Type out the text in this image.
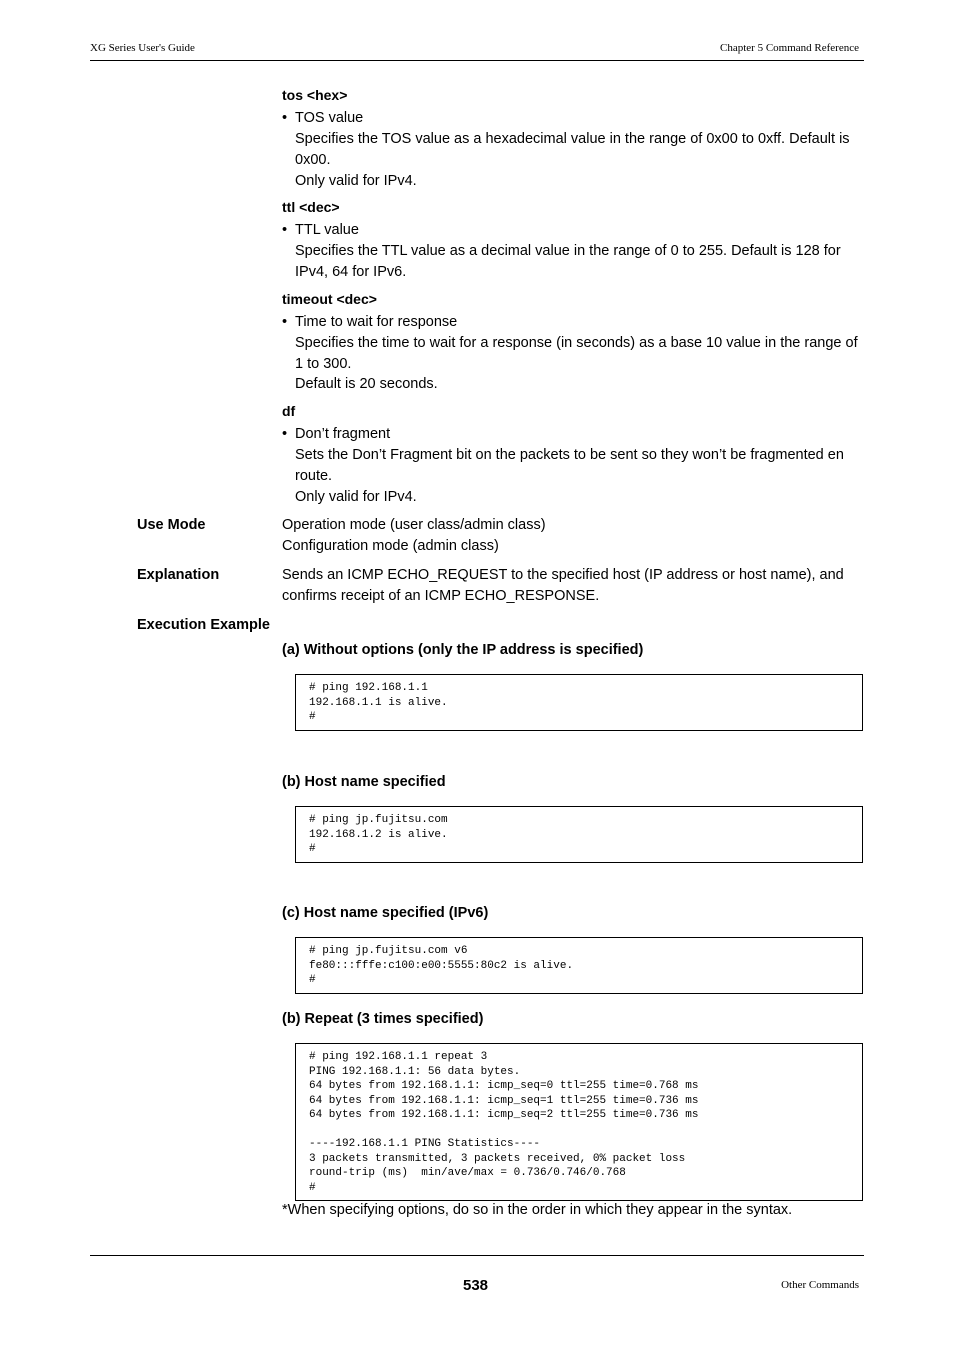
XG Series User's Guide	Chapter 5 Command Reference
tos <hex>
• TOS value
Specifies the TOS value as a hexadecimal value in the range of 0x00 to 0xff. Default is 0x00.
Only valid for IPv4.
ttl <dec>
• TTL value
Specifies the TTL value as a decimal value in the range of 0 to 255. Default is 128 for IPv4, 64 for IPv6.
timeout <dec>
• Time to wait for response
Specifies the time to wait for a response (in seconds) as a base 10 value in the range of 1 to 300.
Default is 20 seconds.
df
• Don’t fragment
Sets the Don’t Fragment bit on the packets to be sent so they won’t be fragmented en route.
Only valid for IPv4.
Use Mode	Operation mode (user class/admin class)
Configuration mode (admin class)
Explanation	Sends an ICMP ECHO_REQUEST to the specified host (IP address or host name), and confirms receipt of an ICMP ECHO_RESPONSE.
Execution Example
(a) Without options (only the IP address is specified)
# ping 192.168.1.1
192.168.1.1 is alive.
#
(b) Host name specified
# ping jp.fujitsu.com
192.168.1.2 is alive.
#
(c) Host name specified (IPv6)
# ping jp.fujitsu.com v6
fe80:::fffe:c100:e00:5555:80c2 is alive.
#
(b) Repeat (3 times specified)
# ping 192.168.1.1 repeat 3
PING 192.168.1.1: 56 data bytes.
64 bytes from 192.168.1.1: icmp_seq=0 ttl=255 time=0.768 ms
64 bytes from 192.168.1.1: icmp_seq=1 ttl=255 time=0.736 ms
64 bytes from 192.168.1.1: icmp_seq=2 ttl=255 time=0.736 ms

----192.168.1.1 PING Statistics----
3 packets transmitted, 3 packets received, 0% packet loss
round-trip (ms)  min/ave/max = 0.736/0.746/0.768
#
*When specifying options, do so in the order in which they appear in the syntax.
538	Other Commands
